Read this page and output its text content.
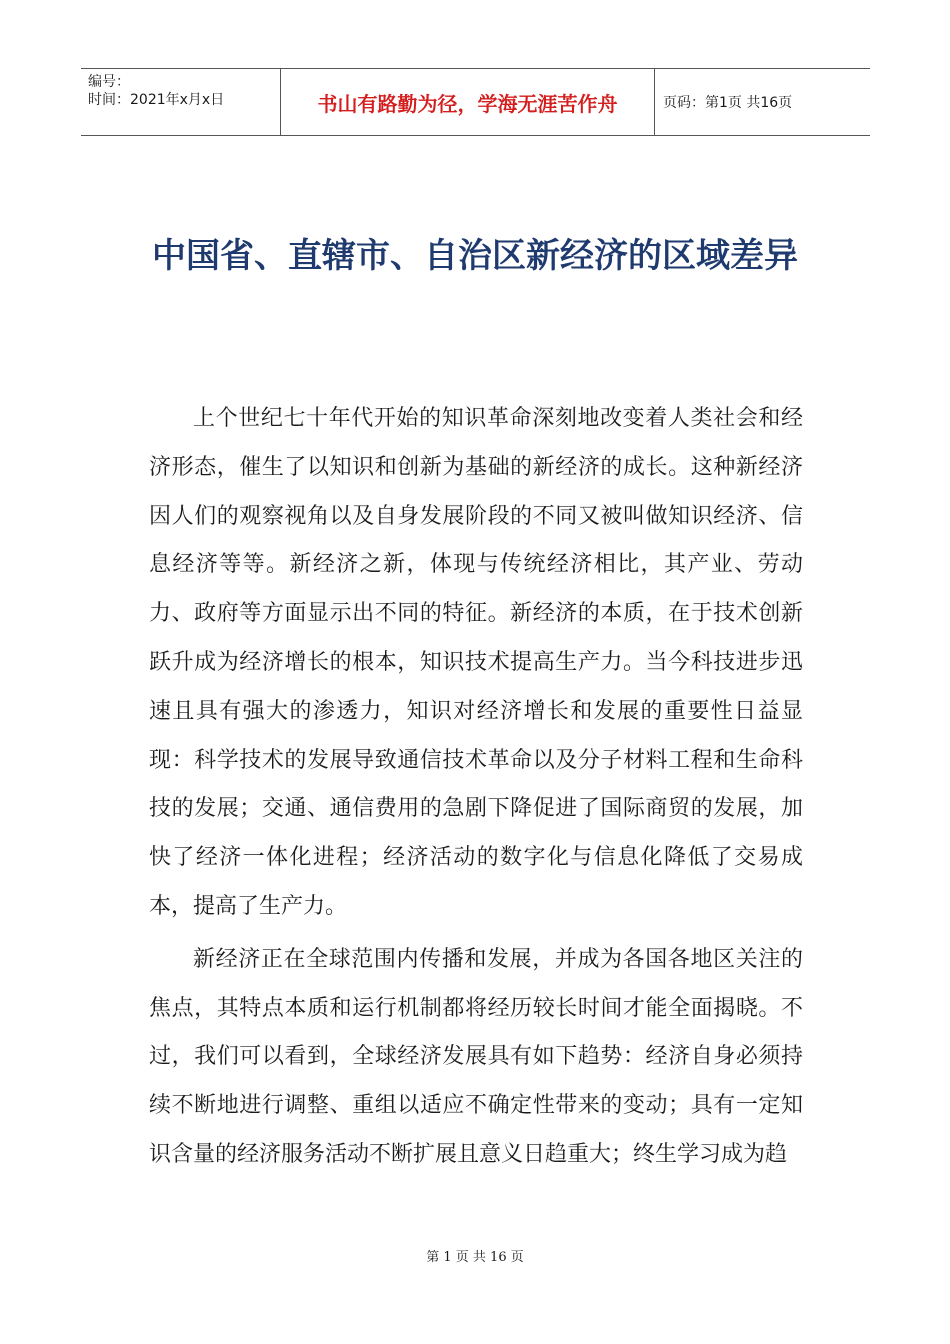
编号：
时间：2021年x月x日	书山有路勤为径，学海无涯苦作舟	页码：第1页 共16页
中国省、直辖市、自治区新经济的区域差异

上个世纪七十年代开始的知识革命深刻地改变着人类社会和经济形态，催生了以知识和创新为基础的新经济的成长。这种新经济因人们的观察视角以及自身发展阶段的不同又被叫做知识经济、信息经济等等。新经济之新，体现与传统经济相比，其产业、劳动力、政府等方面显示出不同的特征。新经济的本质，在于技术创新跃升成为经济增长的根本，知识技术提高生产力。当今科技进步迅速且具有强大的渗透力，知识对经济增长和发展的重要性日益显现：科学技术的发展导致通信技术革命以及分子材料工程和生命科技的发展；交通、通信费用的急剧下降促进了国际商贸的发展，加快了经济一体化进程；经济活动的数字化与信息化降低了交易成本，提高了生产力。

新经济正在全球范围内传播和发展，并成为各国各地区关注的焦点，其特点本质和运行机制都将经历较长时间才能全面揭晓。不过，我们可以看到，全球经济发展具有如下趋势：经济自身必须持续不断地进行调整、重组以适应不确定性带来的变动；具有一定知识含量的经济服务活动不断扩展且意义日趋重大；终生学习成为趋

第 1 页 共 16 页
